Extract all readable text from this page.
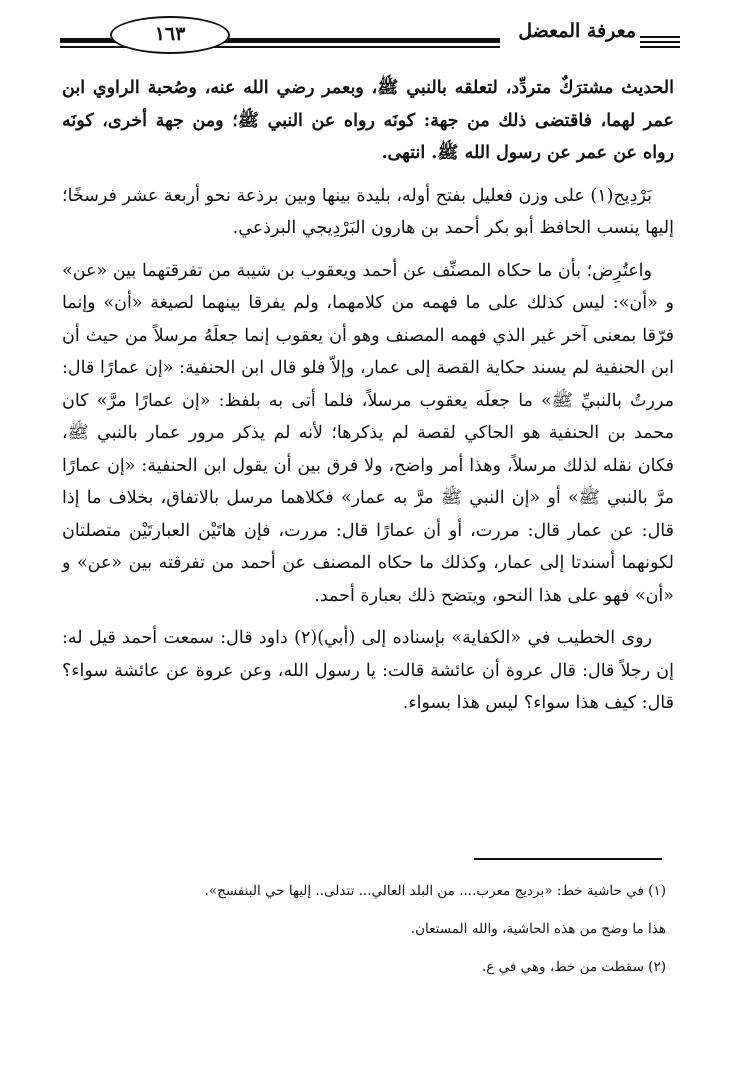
معرفة المعضل
١٦٣

الحديث مشترَكٌ متردِّد، لتعلقه بالنبي ﷺ، وبعمر رضي الله عنه، وصُحبة الراوي ابن عمر لهما، فاقتضى ذلك من جهة: كونَه رواه عن النبي ﷺ؛ ومن جهة أخرى، كونَه رواه عن عمر عن رسول الله ﷺ. انتهى.

بَرْدِيج(١) على وزن فعليل بفتح أوله، بليدة بينها وبين برذعة نحو أربعة عشر فرسخًا؛ إليها ينسب الحافظ أبو بكر أحمد بن هارون البَرْدِيجي البرذعي.

واعتُرِض؛ بأن ما حكاه المصنِّف عن أحمد ويعقوب بن شيبة من تفرقتهما بين «عن» و «أن»: ليس كذلك على ما فهمه من كلامهما، ولم يفرقا بينهما لصيغة «أن» وإنما فرّقا بمعنى آخر غير الذي فهمه المصنف وهو أن يعقوب إنما جعلَهُ مرسلاً من حيث أن ابن الحنفية لم يسند حكاية القصة إلى عمار، وإلاّ فلو قال ابن الحنفية: «إن عمارًا قال: مررتُ بالنبيِّ ﷺ» ما جعلَه يعقوب مرسلاً، فلما أتى به بلفظ: «إن عمارًا مرَّ» كان محمد بن الحنفية هو الحاكي لقصة لم يذكرها؛ لأنه لم يذكر مرور عمار بالنبي ﷺ، فكان نقله لذلك مرسلاً، وهذا أمر واضح، ولا فرق بين أن يقول ابن الحنفية: «إن عمارًا مرَّ بالنبي ﷺ» أو «إن النبي ﷺ مرَّ به عمار» فكلاهما مرسل بالاتفاق، بخلاف ما إذا قال: عن عمار قال: مررت، أو أن عمارًا قال: مررت، فإن هاتَيْن العبارتَيْن متصلتان لكونهما أسندتا إلى عمار، وكذلك ما حكاه المصنف عن أحمد من تفرقته بين «عن» و «أن» فهو على هذا النحو، ويتضح ذلك بعبارة أحمد.

روى الخطيب في «الكفاية» بإسناده إلى (أبي)(٢) داود قال: سمعت أحمد قيل له: إن رجلاً قال: قال عروة أن عائشة قالت: يا رسول الله، وعن عروة عن عائشة سواء؟ قال: كيف هذا سواء؟ ليس هذا بسواء.

(١) في حاشية خط: «برديج معرب.... من البلد العالي... تتدلى.. إليها حي البنفسج».

هذا ما وضح من هذه الحاشية، والله المستعان.

(٢) سقطت من خط، وهي في ع.
